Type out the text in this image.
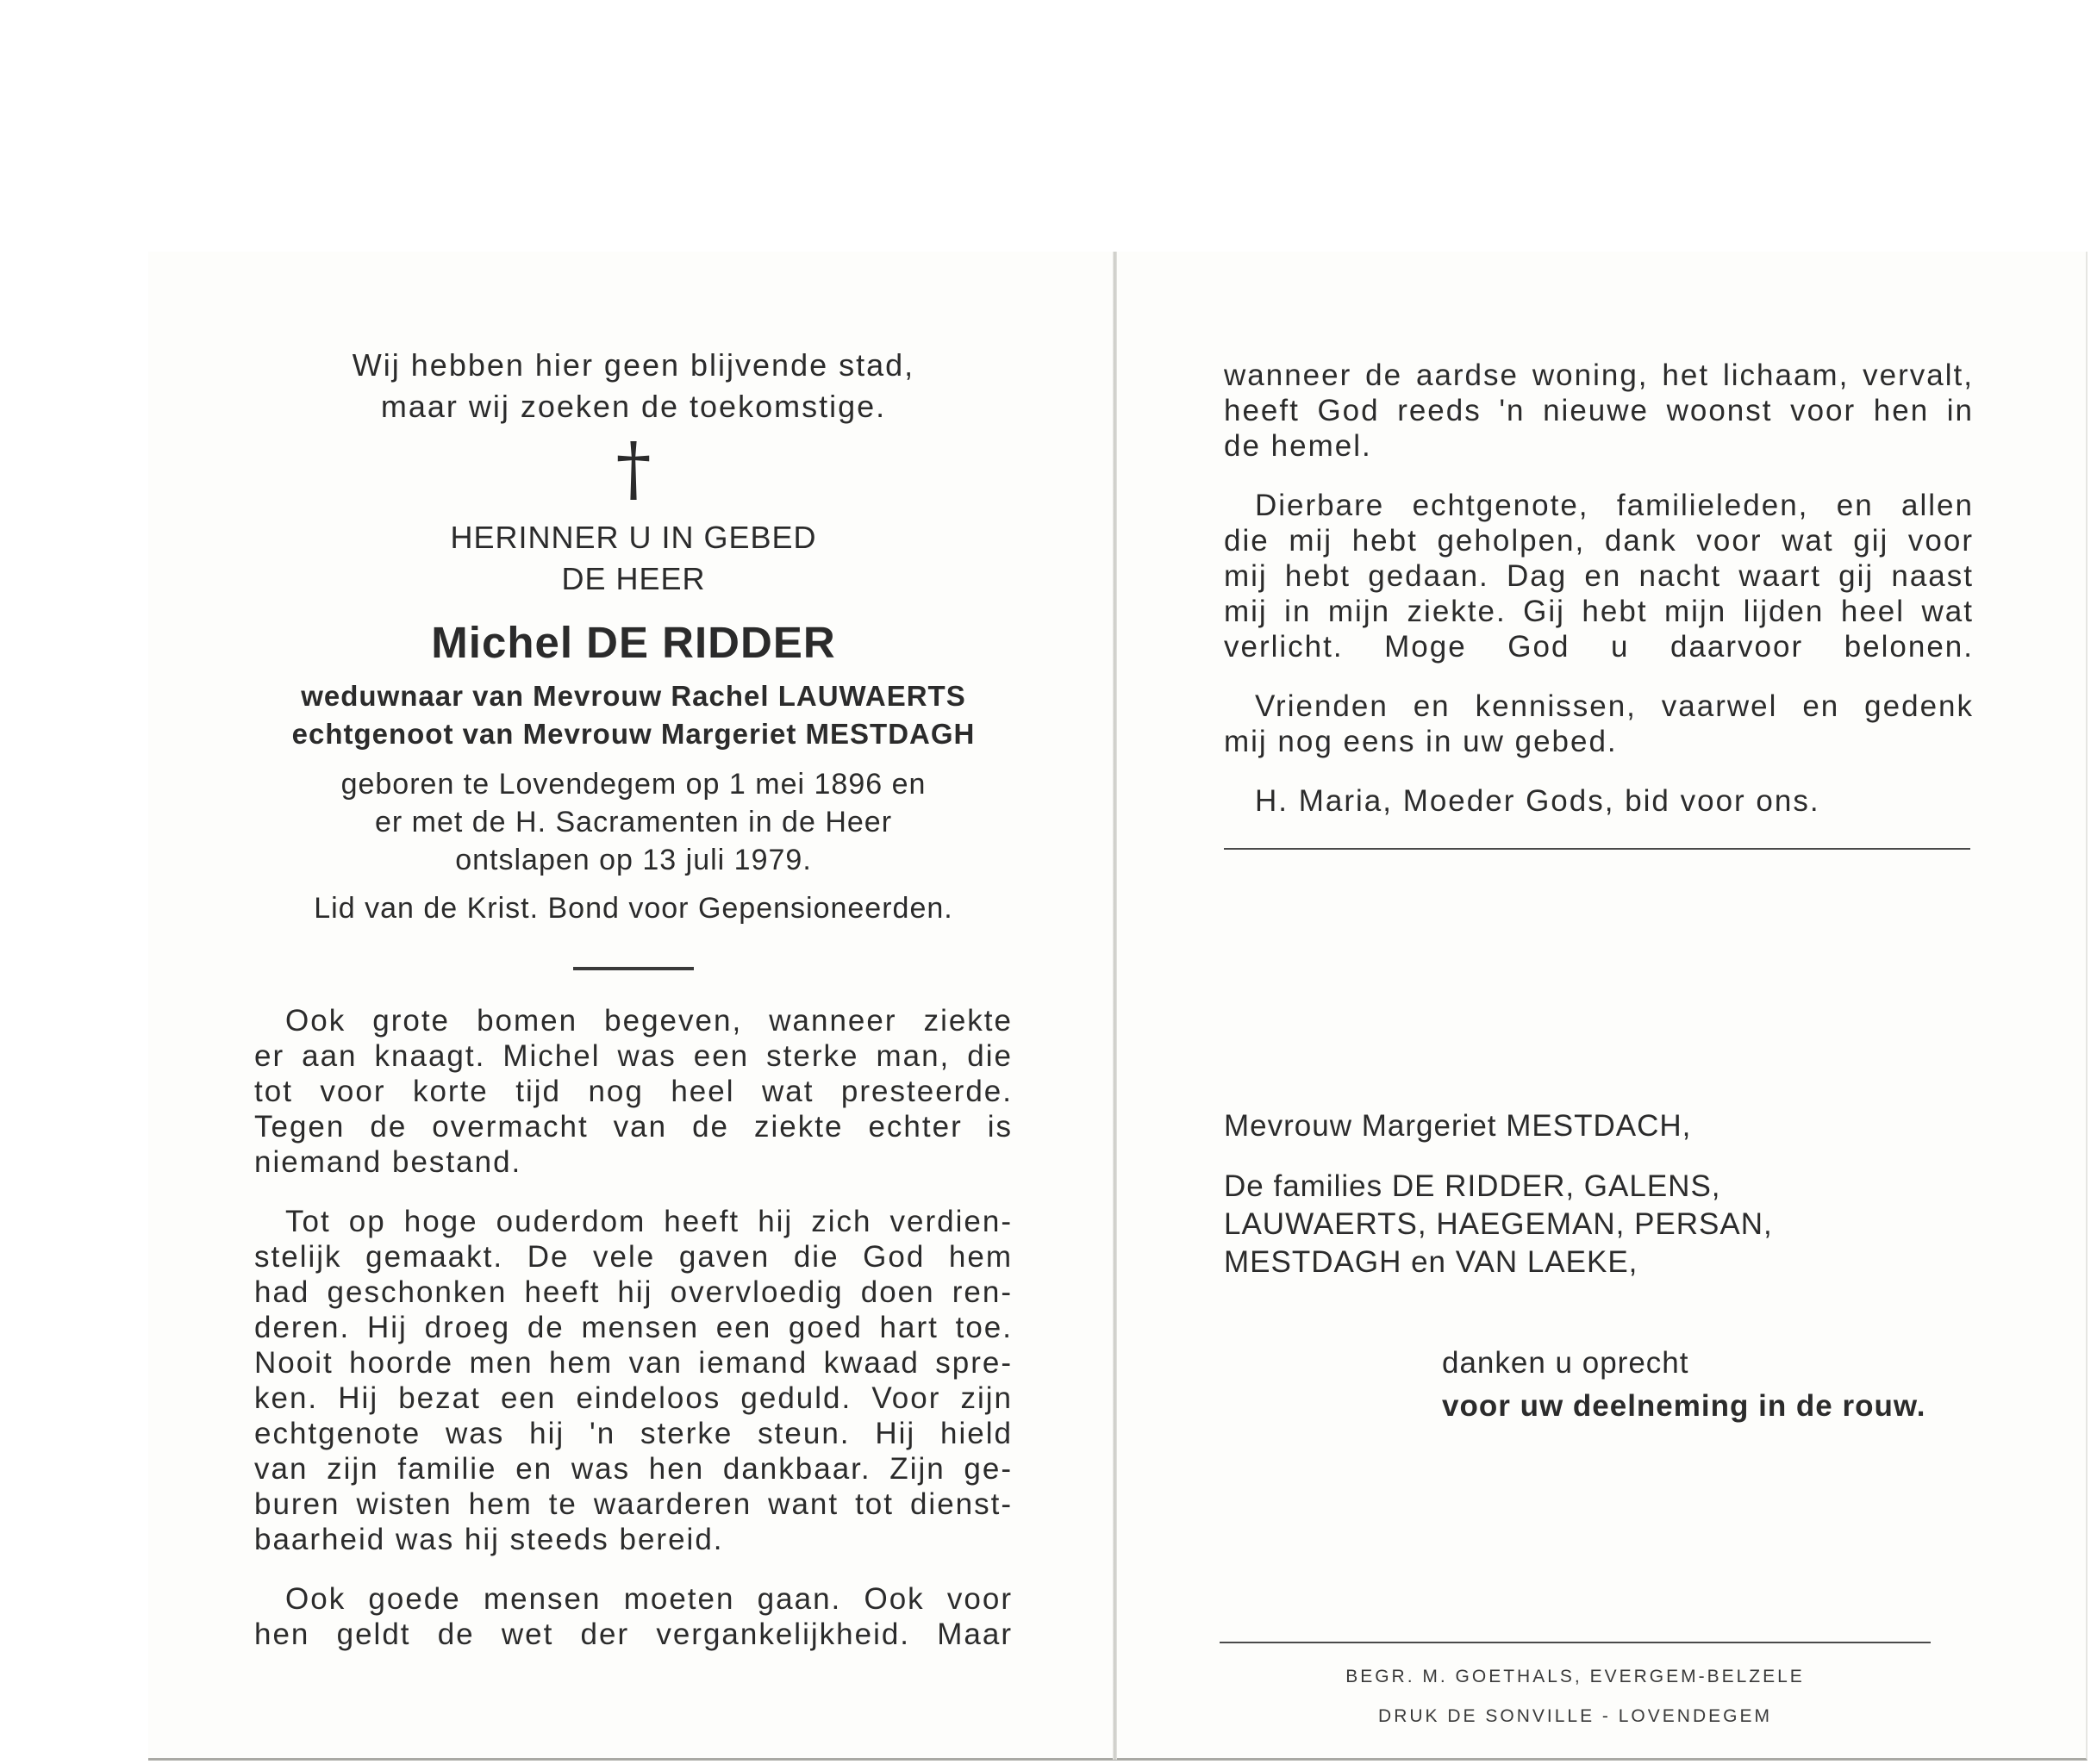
Wij hebben hier geen blijvende stad,
maar wij zoeken de toekomstige.
†
HERINNER U IN GEBED
DE HEER
Michel DE RIDDER
weduwnaar van Mevrouw Rachel LAUWAERTS
echtgenoot van Mevrouw Margeriet MESTDAGH
geboren te Lovendegem op 1 mei 1896 en
er met de H. Sacramenten in de Heer
ontslapen op 13 juli 1979.
Lid van de Krist. Bond voor Gepensioneerden.
Ook grote bomen begeven, wanneer ziekte
er aan knaagt. Michel was een sterke man, die
tot voor korte tijd nog heel wat presteerde.
Tegen de overmacht van de ziekte echter is
niemand bestand.
Tot op hoge ouderdom heeft hij zich verdien-
stelijk gemaakt. De vele gaven die God hem
had geschonken heeft hij overvloedig doen ren-
deren. Hij droeg de mensen een goed hart toe.
Nooit hoorde men hem van iemand kwaad spre-
ken. Hij bezat een eindeloos geduld. Voor zijn
echtgenote was hij 'n sterke steun. Hij hield
van zijn familie en was hen dankbaar. Zijn ge-
buren wisten hem te waarderen want tot dienst-
baarheid was hij steeds bereid.
Ook goede mensen moeten gaan. Ook voor
hen geldt de wet der vergankelijkheid. Maar
wanneer de aardse woning, het lichaam, vervalt,
heeft God reeds 'n nieuwe woonst voor hen in
de hemel.
Dierbare echtgenote, familieleden, en allen
die mij hebt geholpen, dank voor wat gij voor
mij hebt gedaan. Dag en nacht waart gij naast
mij in mijn ziekte. Gij hebt mijn lijden heel wat
verlicht. Moge God u daarvoor belonen.
Vrienden en kennissen, vaarwel en gedenk
mij nog eens in uw gebed.
H. Maria, Moeder Gods, bid voor ons.
Mevrouw Margeriet MESTDACH,
De families DE RIDDER, GALENS,
LAUWAERTS, HAEGEMAN, PERSAN,
MESTDAGH en VAN LAEKE,
danken u oprecht
voor uw deelneming in de rouw.
BEGR. M. GOETHALS, EVERGEM-BELZELE
DRUK DE SONVILLE - LOVENDEGEM
